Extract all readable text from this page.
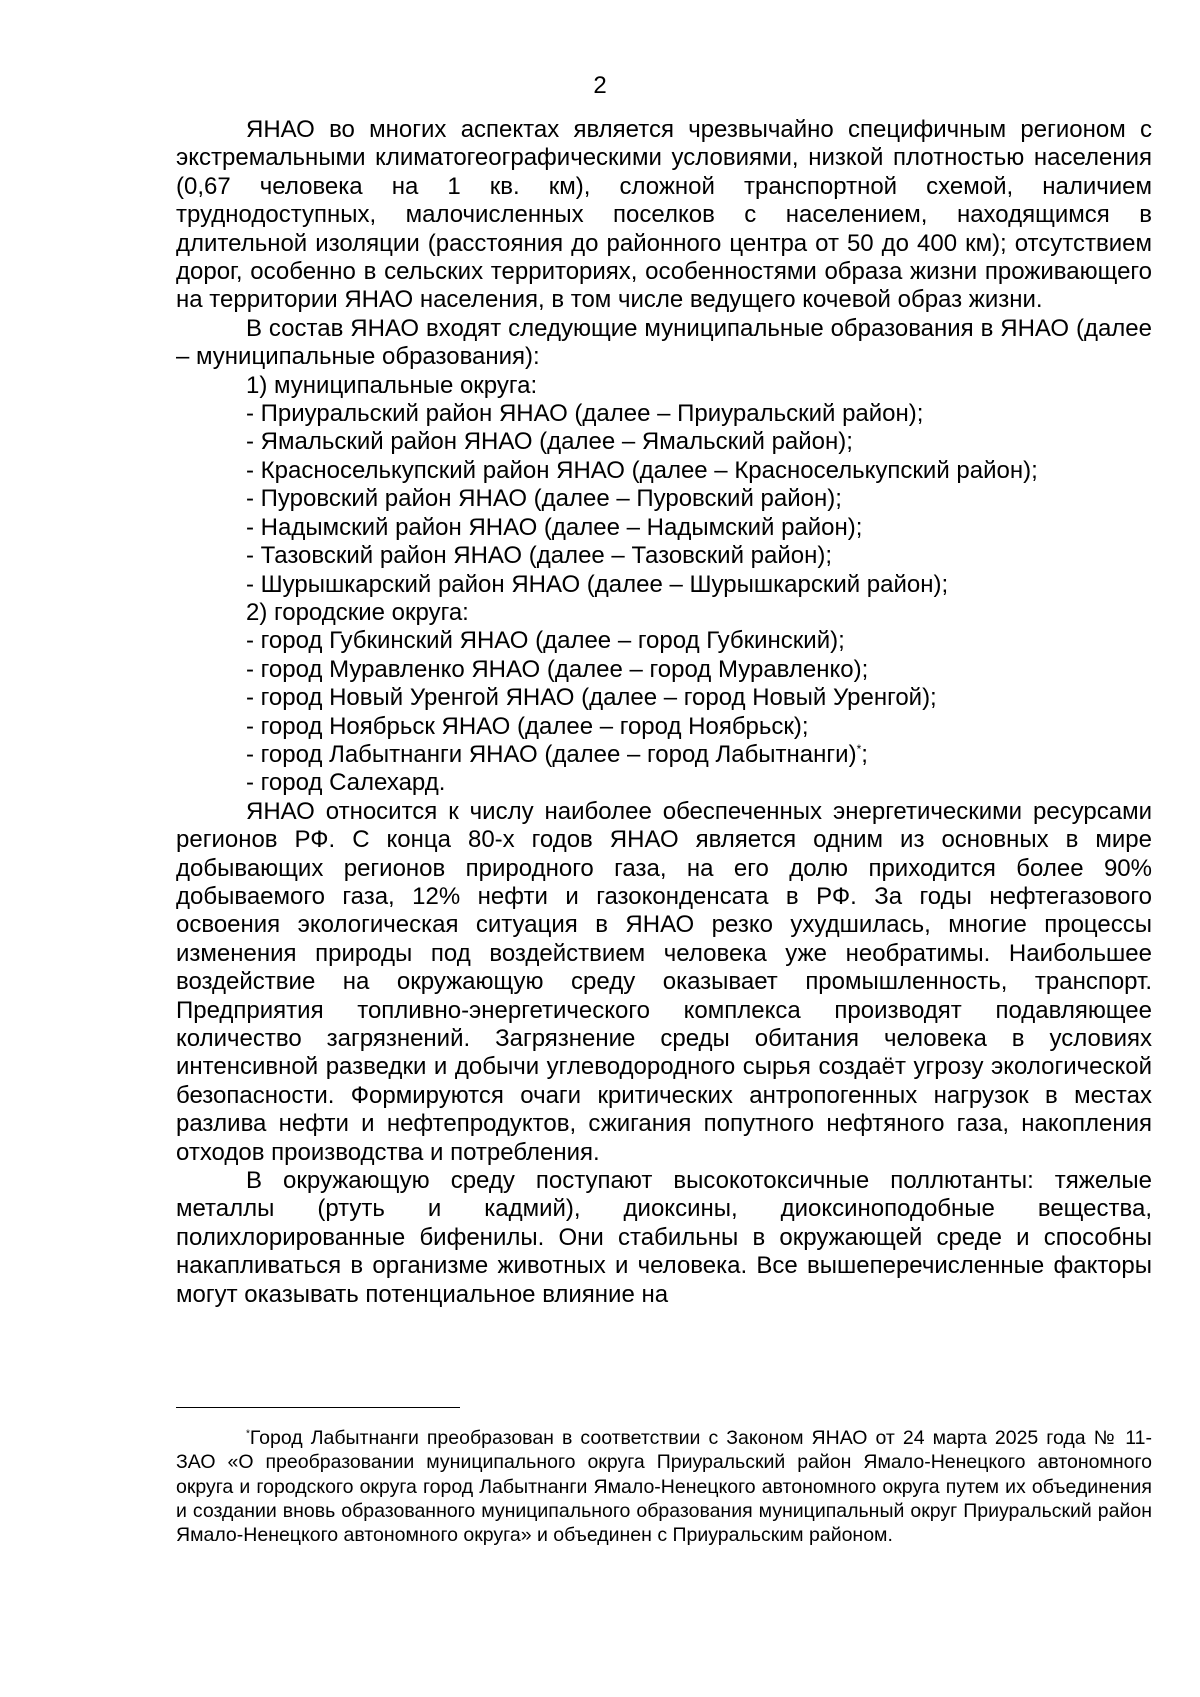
2

ЯНАО во многих аспектах является чрезвычайно специфичным регионом с экстремальными климатогеографическими условиями, низкой плотностью населения (0,67 человека на 1 кв. км), сложной транспортной схемой, наличием труднодоступных, малочисленных поселков с населением, находящимся в длительной изоляции (расстояния до районного центра от 50 до 400 км); отсутствием дорог, особенно в сельских территориях, особенностями образа жизни проживающего на территории ЯНАО населения, в том числе ведущего кочевой образ жизни.

В состав ЯНАО входят следующие муниципальные образования в ЯНАО (далее – муниципальные образования):

1) муниципальные округа:

- Приуральский район ЯНАО (далее – Приуральский район);

- Ямальский район ЯНАО (далее – Ямальский район);

- Красноселькупский район ЯНАО (далее – Красноселькупский район);

- Пуровский район ЯНАО (далее – Пуровский район);

- Надымский район ЯНАО (далее – Надымский район);

- Тазовский район ЯНАО (далее – Тазовский район);

- Шурышкарский район ЯНАО (далее – Шурышкарский район);

2) городские округа:

- город Губкинский ЯНАО (далее – город Губкинский);

- город Муравленко ЯНАО (далее – город Муравленко);

- город Новый Уренгой ЯНАО (далее – город Новый Уренгой);

- город Ноябрьск ЯНАО (далее – город Ноябрьск);

- город Лабытнанги ЯНАО (далее – город Лабытнанги)*;

- город Салехард.

ЯНАО относится к числу наиболее обеспеченных энергетическими ресурсами регионов РФ. С конца 80-х годов ЯНАО является одним из основных в мире добывающих регионов природного газа, на его долю приходится более 90% добываемого газа, 12% нефти и газоконденсата в РФ. За годы нефтегазового освоения экологическая ситуация в ЯНАО резко ухудшилась, многие процессы изменения природы под воздействием человека уже необратимы. Наибольшее воздействие на окружающую среду оказывает промышленность, транспорт. Предприятия топливно-энергетического комплекса производят подавляющее количество загрязнений. Загрязнение среды обитания человека в условиях интенсивной разведки и добычи углеводородного сырья создаёт угрозу экологической безопасности. Формируются очаги критических антропогенных нагрузок в местах разлива нефти и нефтепродуктов, сжигания попутного нефтяного газа, накопления отходов производства и потребления.

В окружающую среду поступают высокотоксичные поллютанты: тяжелые металлы (ртуть и кадмий), диоксины, диоксиноподобные вещества, полихлорированные бифенилы. Они стабильны в окружающей среде и способны накапливаться в организме животных и человека. Все вышеперечисленные факторы могут оказывать потенциальное влияние на

*Город Лабытнанги преобразован в соответствии с Законом ЯНАО от 24 марта 2025 года № 11-ЗАО «О преобразовании муниципального округа Приуральский район Ямало-Ненецкого автономного округа и городского округа город Лабытнанги Ямало-Ненецкого автономного округа путем их объединения и создании вновь образованного муниципального образования муниципальный округ Приуральский район Ямало-Ненецкого автономного округа» и объединен с Приуральским районом.
